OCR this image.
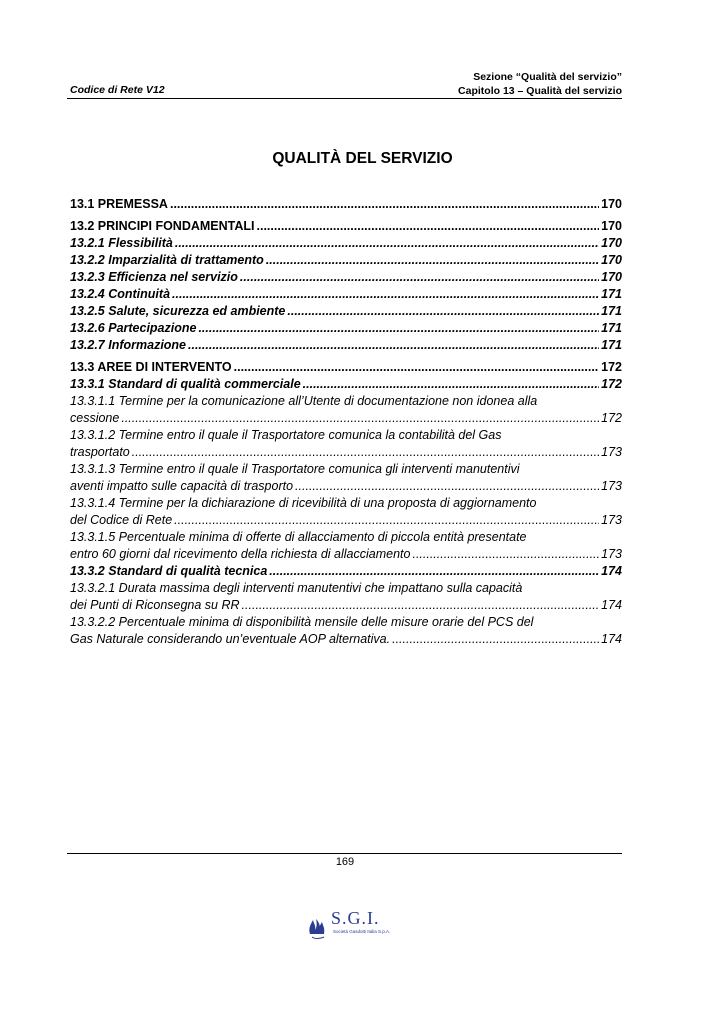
Codice di Rete V12
Sezione “Qualità del servizio”
Capitolo 13 – Qualità del servizio
QUALITÀ DEL SERVIZIO
13.1 PREMESSA .....	170
13.2 PRINCIPI FONDAMENTALI .....	170
13.2.1 Flessibilità .....	170
13.2.2 Imparzialità di trattamento .....	170
13.2.3 Efficienza nel servizio .....	170
13.2.4 Continuità .....	171
13.2.5 Salute, sicurezza ed ambiente .....	171
13.2.6 Partecipazione .....	171
13.2.7 Informazione .....	171
13.3 AREE DI INTERVENTO .....	172
13.3.1 Standard di qualità commerciale .....	172
13.3.1.1 Termine per la comunicazione all’Utente di documentazione non idonea alla
cessione .....	172
13.3.1.2 Termine entro il quale il Trasportatore comunica la contabilità del Gas
trasportato .....	173
13.3.1.3 Termine entro il quale il Trasportatore comunica gli interventi manutentivi
aventi impatto sulle capacità di trasporto .....	173
13.3.1.4 Termine per la dichiarazione di ricevibilità di una proposta di aggiornamento
del Codice di Rete .....	173
13.3.1.5 Percentuale minima di offerte di allacciamento di piccola entità presentate
entro 60 giorni dal ricevimento della richiesta di allacciamento .....	173
13.3.2 Standard di qualità tecnica .....	174
13.3.2.1 Durata massima degli interventi manutentivi che impattano sulla capacità
dei Punti di Riconsegna su RR .....	174
13.3.2.2 Percentuale minima di disponibilità mensile delle misure orarie del PCS del
Gas Naturale considerando un’eventuale AOP alternativa. .....	174
169
S.G.I.
Società Gasdotti Italia S.p.A.
